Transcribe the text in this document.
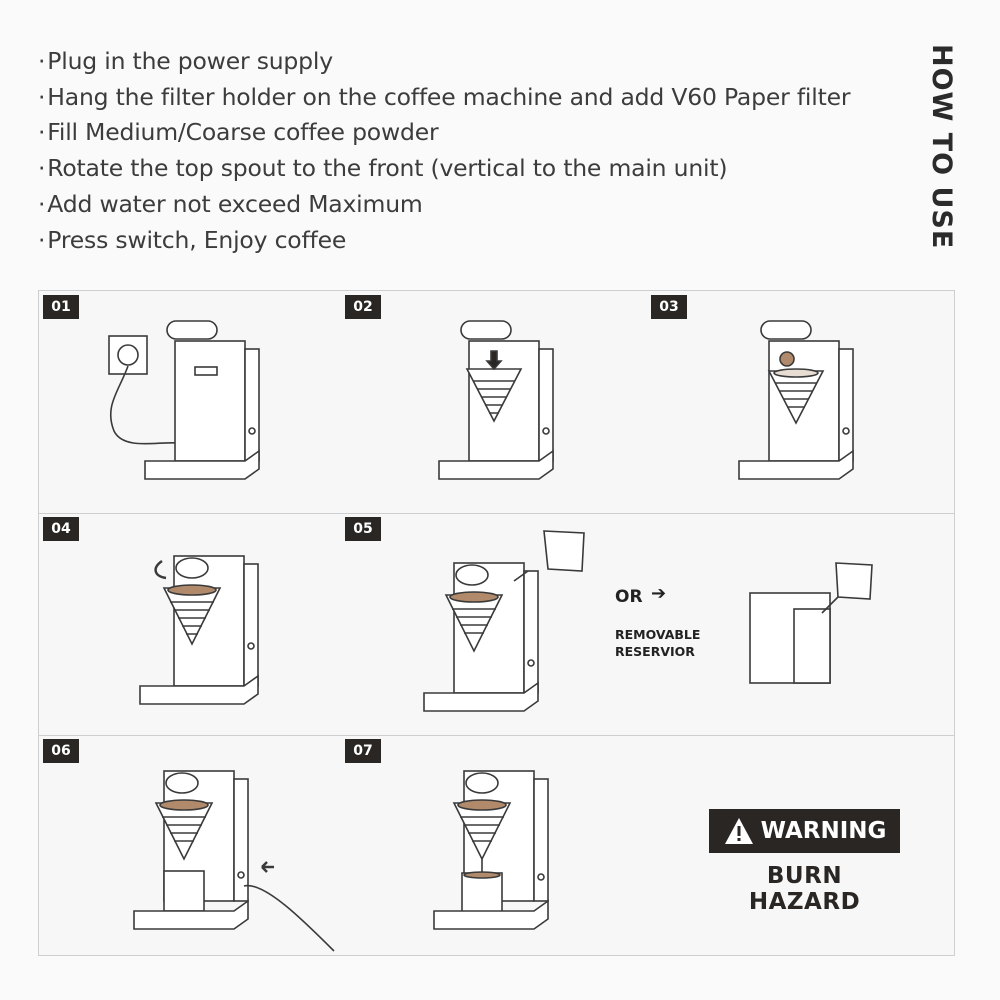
HOW TO USE
·Plug in the power supply
·Hang the filter holder on the coffee machine and add V60 Paper filter
·Fill Medium/Coarse coffee powder
·Rotate the top spout to the front (vertical to the main unit)
·Add water not exceed Maximum
·Press switch, Enjoy coffee
01	02	03
04	05
06	07
OR ➔
REMOVABLE RESERVIOR
WARNING
BURN HAZARD
